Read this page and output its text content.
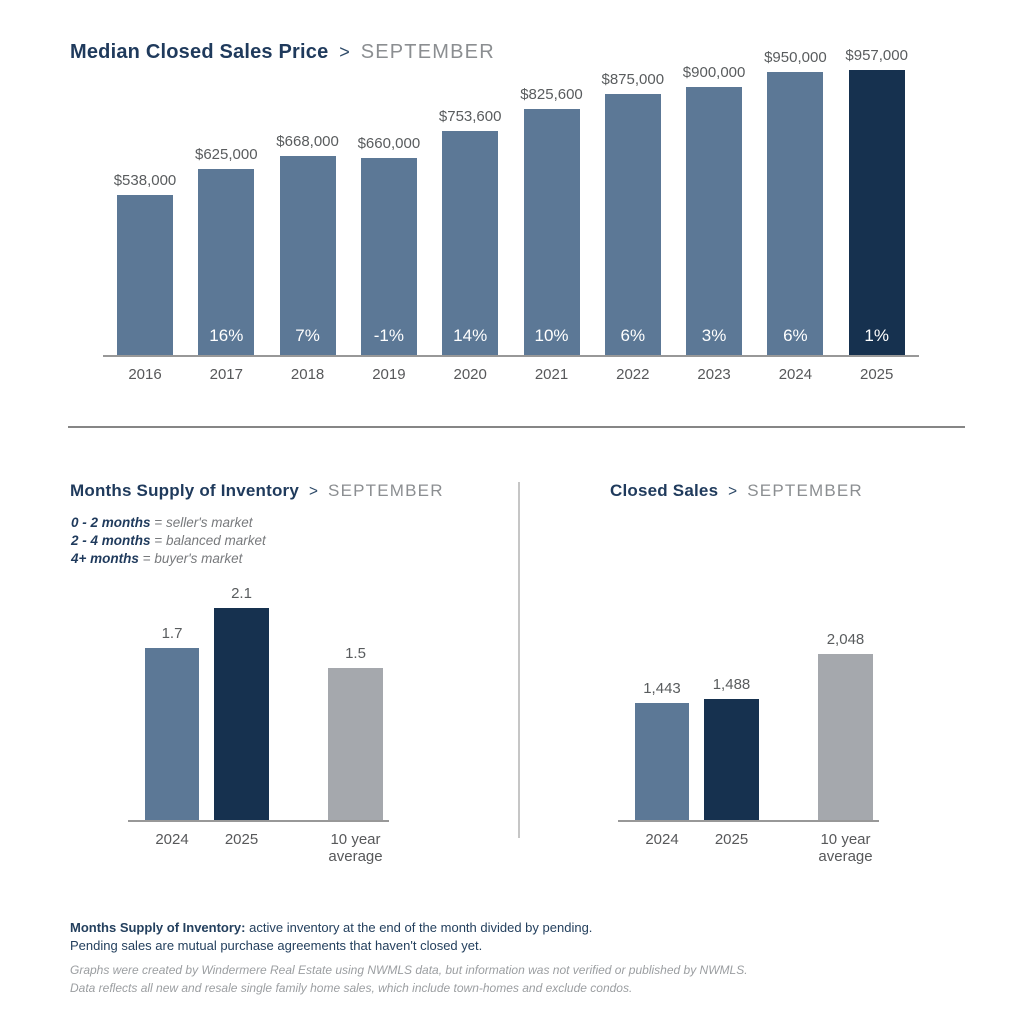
Median Closed Sales Price > SEPTEMBER
$538,000
2016
$625,000
16%
2017
$668,000
7%
2018
$660,000
-1%
2019
$753,600
14%
2020
$825,600
10%
2021
$875,000
6%
2022
$900,000
3%
2023
$950,000
6%
2024
$957,000
1%
2025
Months Supply of Inventory > SEPTEMBER
0 - 2 months = seller's market
2 - 4 months = balanced market
4+ months = buyer's market
1.7
2024
2.1
2025
1.5
10 year average
Closed Sales > SEPTEMBER
1,443
2024
1,488
2025
2,048
10 year average
Months Supply of Inventory: active inventory at the end of the month divided by pending.
Pending sales are mutual purchase agreements that haven't closed yet.
Graphs were created by Windermere Real Estate using NWMLS data, but information was not verified or published by NWMLS.
Data reflects all new and resale single family home sales, which include town-homes and exclude condos.
